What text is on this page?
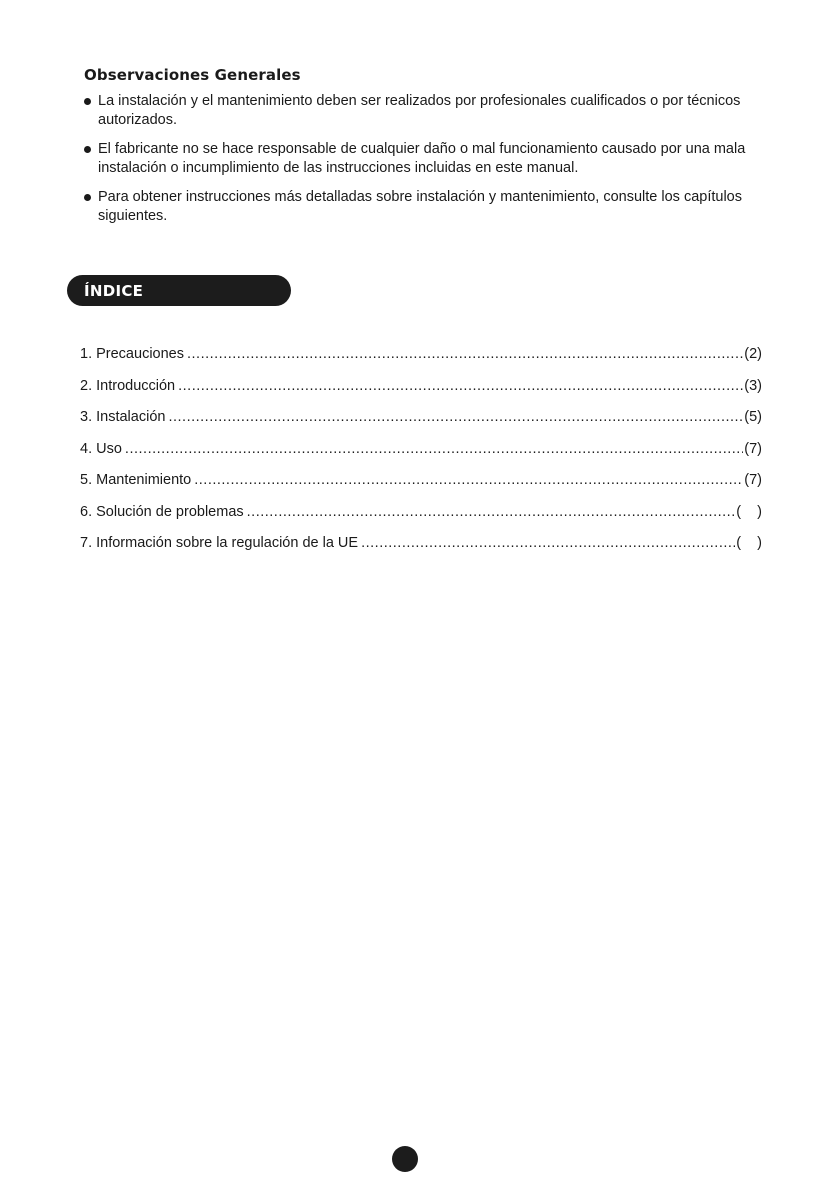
Observaciones Generales
La instalación y el mantenimiento deben ser realizados por profesionales cualificados o por técnicos autorizados.
El fabricante no se hace responsable de cualquier daño o mal funcionamiento causado por una mala instalación o incumplimiento de las instrucciones incluidas en este manual.
Para obtener instrucciones más detalladas sobre instalación y mantenimiento, consulte los capítulos siguientes.
ÍNDICE
1. Precauciones .....	(2)
2. Introducción .....	(3)
3. Instalación .....	(5)
4. Uso .....	(7)
5. Mantenimiento .....	(7)
6. Solución de problemas .....	(    )
7. Información sobre la regulación de la UE .....	(    )
